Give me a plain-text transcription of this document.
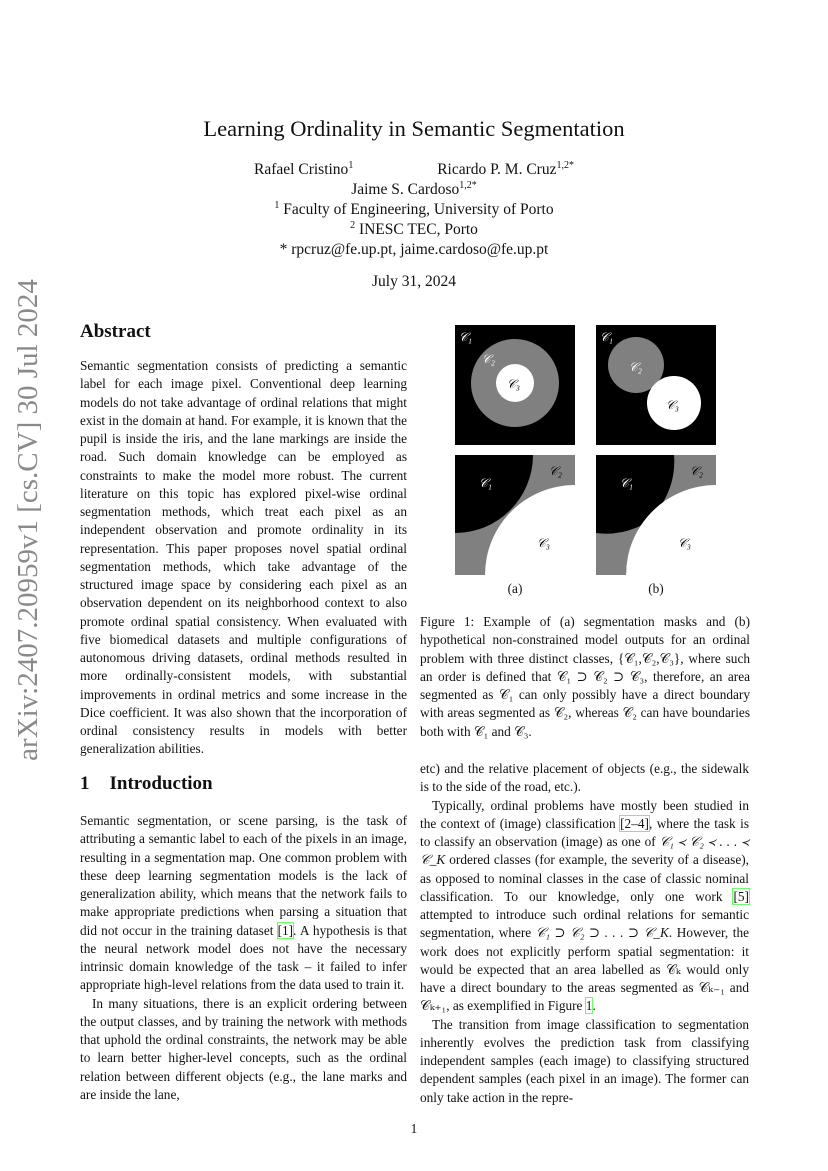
arXiv:2407.20959v1 [cs.CV] 30 Jul 2024
Learning Ordinality in Semantic Segmentation
Rafael Cristino$^1$	Ricardo P. M. Cruz$^{1,2*}$
Jaime S. Cardoso$^{1,2*}$
$^1$ Faculty of Engineering, University of Porto
$^2$ INESC TEC, Porto
* rpcruz@fe.up.pt, jaime.cardoso@fe.up.pt
July 31, 2024
Abstract
Semantic segmentation consists of predicting a semantic label for each image pixel. Conventional deep learning models do not take advantage of ordinal relations that might exist in the domain at hand. For example, it is known that the pupil is inside the iris, and the lane markings are inside the road. Such domain knowledge can be employed as constraints to make the model more robust. The current literature on this topic has explored pixel-wise ordinal segmentation methods, which treat each pixel as an independent observation and promote ordinality in its representation. This paper proposes novel spatial ordinal segmentation methods, which take advantage of the structured image space by considering each pixel as an observation dependent on its neighborhood context to also promote ordinal spatial consistency. When evaluated with five biomedical datasets and multiple configurations of autonomous driving datasets, ordinal methods resulted in more ordinally-consistent models, with substantial improvements in ordinal metrics and some increase in the Dice coefficient. It was also shown that the incorporation of ordinal consistency results in models with better generalization abilities.
1 Introduction

Semantic segmentation, or scene parsing, is the task of attributing a semantic label to each of the pixels in an image, resulting in a segmentation map. One common problem with these deep learning segmentation models is the lack of generalization ability, which means that the network fails to make appropriate predictions when parsing a situation that did not occur in the training dataset [1]. A hypothesis is that the neural network model does not have the necessary intrinsic domain knowledge of the task – it failed to infer appropriate high-level relations from the data used to train it.

In many situations, there is an explicit ordering between the output classes, and by training the network with methods that uphold the ordinal constraints, the network may be able to learn better higher-level concepts, such as the ordinal relation between different objects (e.g., the lane marks and are inside the lane,

etc) and the relative placement of objects (e.g., the sidewalk is to the side of the road, etc.).

Typically, ordinal problems have mostly been studied in the context of (image) classification [2–4], where the task is to classify an observation (image) as one of 𝒞₁ ≺ 𝒞₂ ≺ . . . ≺ 𝒞_K ordered classes (for example, the severity of a disease), as opposed to nominal classes in the case of classic nominal classification. To our knowledge, only one work [5] attempted to introduce such ordinal relations for semantic segmentation, where 𝒞₁ ⊃ 𝒞₂ ⊃ . . . ⊃ 𝒞_K. However, the work does not explicitly perform spatial segmentation: it would be expected that an area labelled as 𝒞ₖ would only have a direct boundary to the areas segmented as 𝒞ₖ₋₁ and 𝒞ₖ₊₁, as exemplified in Figure 1.

The transition from image classification to segmentation inherently evolves the prediction task from classifying independent samples (each image) to classifying structured dependent samples (each pixel in an image). The former can only take action in the repre-

𝒞₁
𝒞₂
𝒞₃
𝒞₁
𝒞₂
𝒞₃
𝒞₁
𝒞₂
𝒞₃
𝒞₁
𝒞₂
𝒞₃
(a)	(b)
Figure 1: Example of (a) segmentation masks and (b) hypothetical non-constrained model outputs for an ordinal problem with three distinct classes, {𝒞₁,𝒞₂,𝒞₃}, where such an order is defined that 𝒞₁ ⊃ 𝒞₂ ⊃ 𝒞₃, therefore, an area segmented as 𝒞₁ can only possibly have a direct boundary with areas segmented as 𝒞₂, whereas 𝒞₂ can have boundaries both with 𝒞₁ and 𝒞₃.
1
